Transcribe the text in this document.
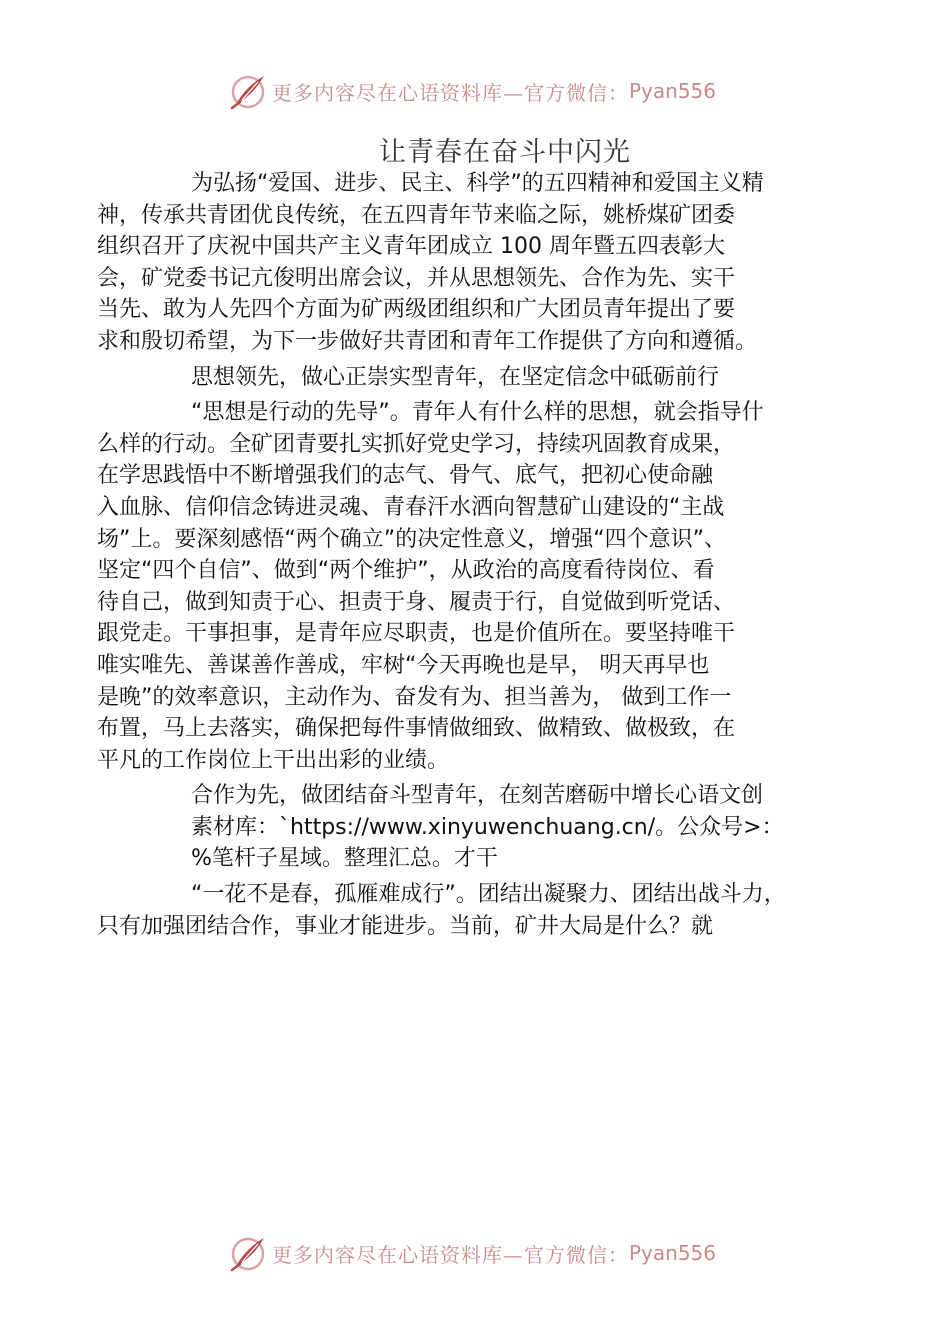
更多内容尽在心语资料库—官方微信： Pyan556
让青春在奋斗中闪光

为弘扬“爱国、进步、民主、科学”的五四精神和爱国主义精
神，传承共青团优良传统，在五四青年节来临之际，姚桥煤矿团委
组织召开了庆祝中国共产主义青年团成立 100 周年暨五四表彰大
会，矿党委书记亢俊明出席会议，并从思想领先、合作为先、实干
当先、敢为人先四个方面为矿两级团组织和广大团员青年提出了要
求和殷切希望，为下一步做好共青团和青年工作提供了方向和遵循。

思想领先，做心正崇实型青年，在坚定信念中砥砺前行

“思想是行动的先导”。青年人有什么样的思想，就会指导什
么样的行动。全矿团青要扎实抓好党史学习，持续巩固教育成果，
在学思践悟中不断增强我们的志气、骨气、底气，把初心使命融
入血脉、信仰信念铸进灵魂、青春汗水洒向智慧矿山建设的“主战
场”上。要深刻感悟“两个确立”的决定性意义，增强“四个意识”、
坚定“四个自信”、做到“两个维护”，从政治的高度看待岗位、看
待自己，做到知责于心、担责于身、履责于行，自觉做到听党话、
跟党走。干事担事，是青年应尽职责，也是价值所在。要坚持唯干
唯实唯先、善谋善作善成，牢树“今天再晚也是早， 明天再早也
是晚”的效率意识，主动作为、奋发有为、担当善为， 做到工作一
布置，马上去落实，确保把每件事情做细致、做精致、做极致，在
平凡的工作岗位上干出出彩的业绩。

合作为先，做团结奋斗型青年，在刻苦磨砺中增长心语文创
素材库：`https://www.xinyuwenchuang.cn/。公众号>：
%笔杆子星域。整理汇总。才干

“一花不是春，孤雁难成行”。团结出凝聚力、团结出战斗力，
只有加强团结合作，事业才能进步。当前，矿井大局是什么？就

更多内容尽在心语资料库—官方微信： Pyan556
